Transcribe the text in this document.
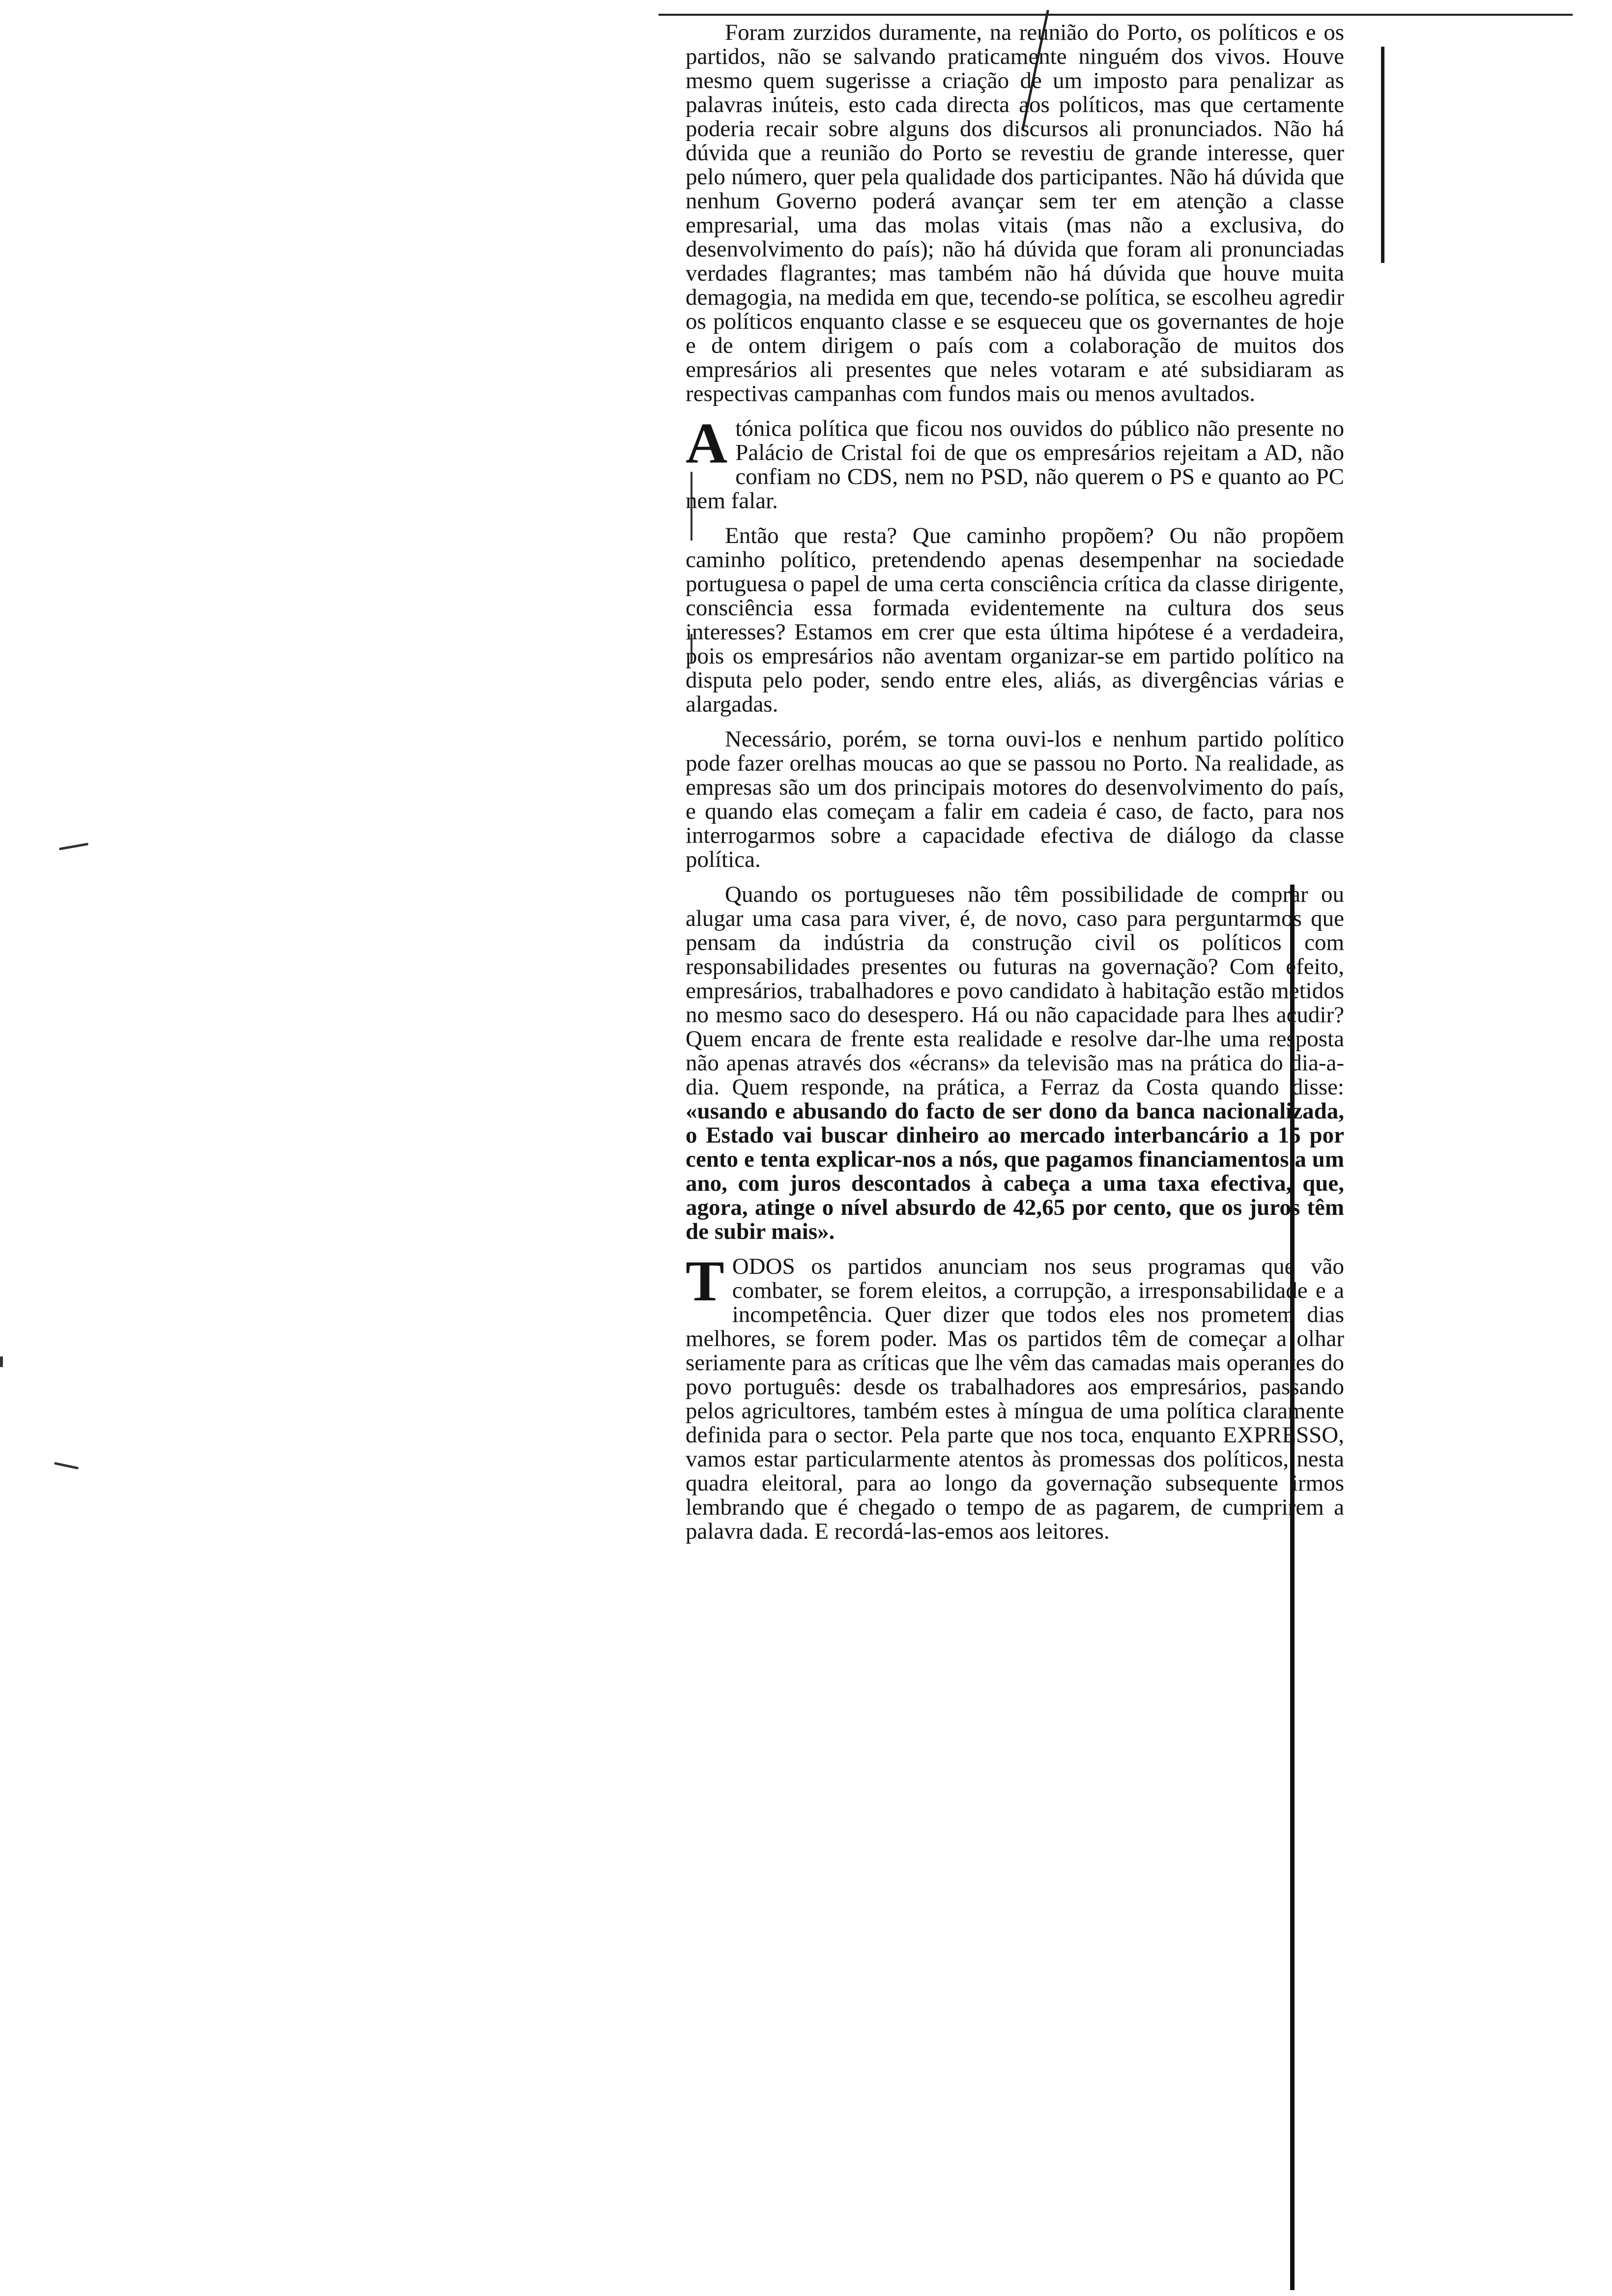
Foram zurzidos duramente, na reunião do Porto, os políticos e os partidos, não se salvando praticamente ninguém dos vivos. Houve mesmo quem sugerisse a criação de um imposto para penalizar as palavras inúteis, esto cada directa aos políticos, mas que certamente poderia recair sobre alguns dos discursos ali pronunciados. Não há dúvida que a reunião do Porto se revestiu de grande interesse, quer pelo número, quer pela qualidade dos participantes. Não há dúvida que nenhum Governo poderá avançar sem ter em atenção a classe empresarial, uma das molas vitais (mas não a exclusiva, do desenvolvimento do país); não há dúvida que foram ali pronunciadas verdades flagrantes; mas também não há dúvida que houve muita demagogia, na medida em que, tecendo-se política, se escolheu agredir os políticos enquanto classe e se esqueceu que os governantes de hoje e de ontem dirigem o país com a colaboração de muitos dos empresários ali presentes que neles votaram e até subsidiaram as respectivas campanhas com fundos mais ou menos avultados.

Atónica política que ficou nos ouvidos do público não presente no Palácio de Cristal foi de que os empresários rejeitam a AD, não confiam no CDS, nem no PSD, não querem o PS e quanto ao PC nem falar.

Então que resta? Que caminho propõem? Ou não propõem caminho político, pretendendo apenas desempenhar na sociedade portuguesa o papel de uma certa consciência crítica da classe dirigente, consciência essa formada evidentemente na cultura dos seus interesses? Estamos em crer que esta última hipótese é a verdadeira, pois os empresários não aventam organizar-se em partido político na disputa pelo poder, sendo entre eles, aliás, as divergências várias e alargadas.

Necessário, porém, se torna ouvi-los e nenhum partido político pode fazer orelhas moucas ao que se passou no Porto. Na realidade, as empresas são um dos principais motores do desenvolvimento do país, e quando elas começam a falir em cadeia é caso, de facto, para nos interrogarmos sobre a capacidade efectiva de diálogo da classe política.

Quando os portugueses não têm possibilidade de comprar ou alugar uma casa para viver, é, de novo, caso para perguntarmos que pensam da indústria da construção civil os políticos com responsabilidades presentes ou futuras na governação? Com efeito, empresários, trabalhadores e povo candidato à habitação estão metidos no mesmo saco do desespero. Há ou não capacidade para lhes acudir? Quem encara de frente esta realidade e resolve dar-lhe uma resposta não apenas através dos «écrans» da televisão mas na prática do dia-a-dia. Quem responde, na prática, a Ferraz da Costa quando disse: «usando e abusando do facto de ser dono da banca nacionalizada, o Estado vai buscar dinheiro ao mercado interbancário a 15 por cento e tenta explicar-nos a nós, que pagamos financiamentos a um ano, com juros descontados à cabeça a uma taxa efectiva, que, agora, atinge o nível absurdo de 42,65 por cento, que os juros têm de subir mais».

TODOS os partidos anunciam nos seus programas que vão combater, se forem eleitos, a corrupção, a irresponsabilidade e a incompetência. Quer dizer que todos eles nos prometem dias melhores, se forem poder. Mas os partidos têm de começar a olhar seriamente para as críticas que lhe vêm das camadas mais operantes do povo português: desde os trabalhadores aos empresários, passando pelos agricultores, também estes à míngua de uma política claramente definida para o sector. Pela parte que nos toca, enquanto EXPRESSO, vamos estar particularmente atentos às promessas dos políticos, nesta quadra eleitoral, para ao longo da governação subsequente irmos lembrando que é chegado o tempo de as pagarem, de cumprirem a palavra dada. E recordá-las-emos aos leitores.
